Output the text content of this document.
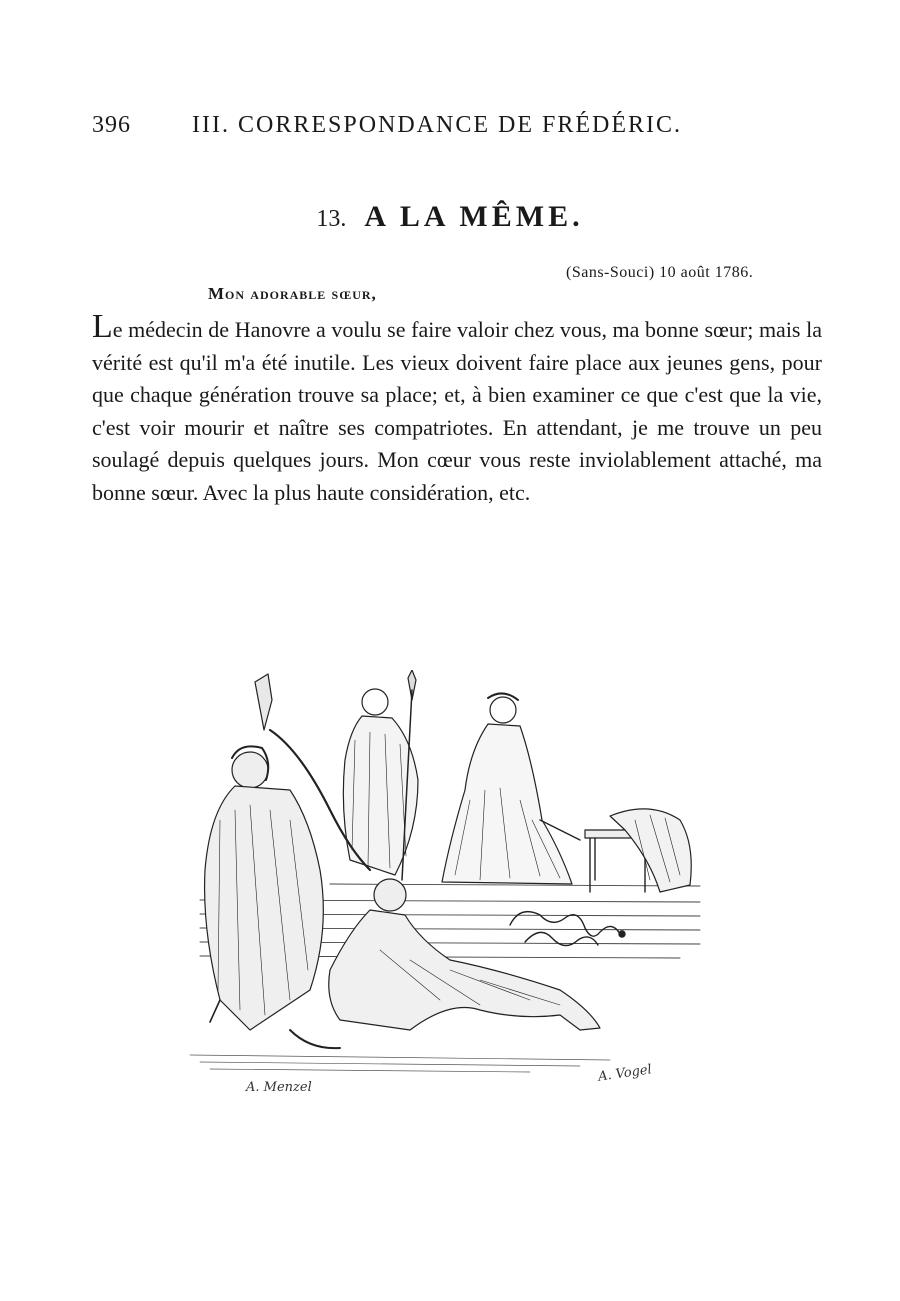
396	III. CORRESPONDANCE DE FRÉDÉRIC.
13. A LA MÊME.
(Sans-Souci) 10 août 1786.
Mon adorable sœur,

Le médecin de Hanovre a voulu se faire valoir chez vous, ma bonne sœur; mais la vérité est qu'il m'a été inutile. Les vieux doivent faire place aux jeunes gens, pour que chaque génération trouve sa place; et, à bien examiner ce que c'est que la vie, c'est voir mourir et naître ses compatriotes. En attendant, je me trouve un peu soulagé depuis quelques jours. Mon cœur vous reste inviolablement attaché, ma bonne sœur. Avec la plus haute considération, etc.

A. Menzel
A. Vogel
